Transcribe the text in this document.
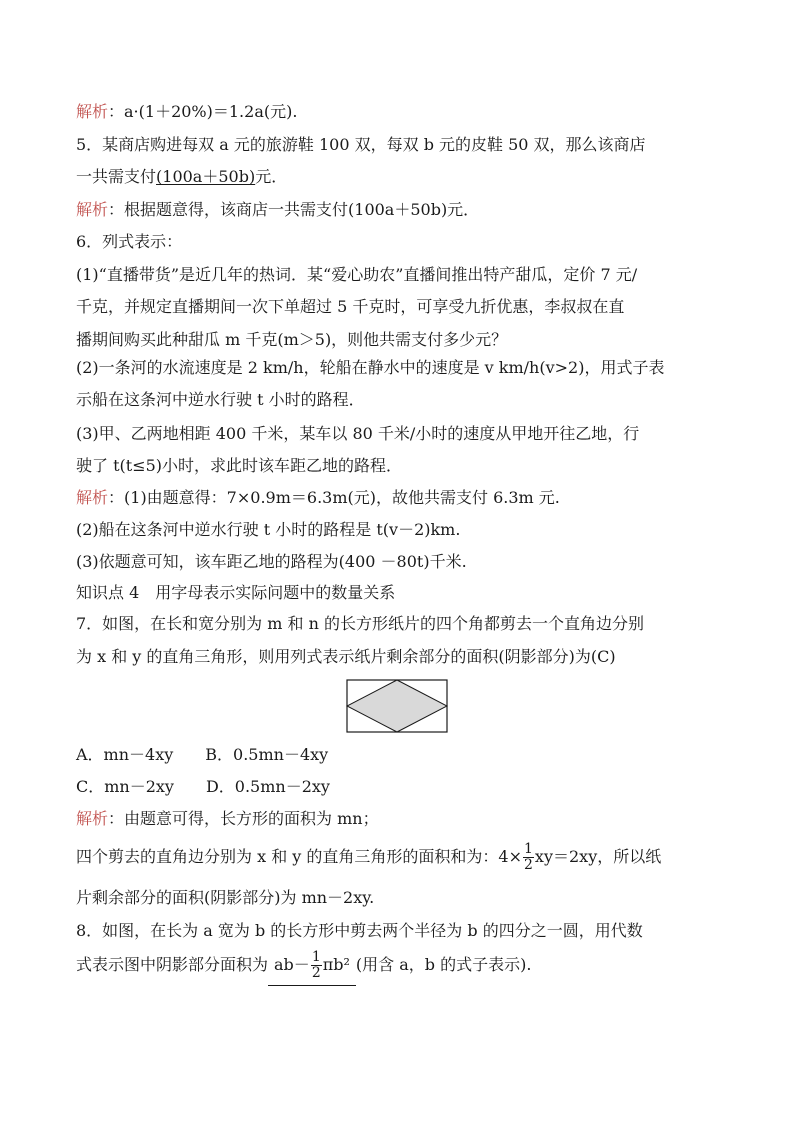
解析：a·(1＋20%)＝1.2a(元).
5．某商店购进每双 a 元的旅游鞋 100 双，每双 b 元的皮鞋 50 双，那么该商店
一共需支付(100a＋50b)元．
解析：根据题意得，该商店一共需支付(100a＋50b)元．
6．列式表示：
(1)“直播带货”是近几年的热词．某“爱心助农”直播间推出特产甜瓜，定价 7 元/
千克，并规定直播期间一次下单超过 5 千克时，可享受九折优惠，李叔叔在直
播期间购买此种甜瓜 m 千克(m＞5)，则他共需支付多少元？
(2)一条河的水流速度是 2 km/h，轮船在静水中的速度是 v km/h(v>2)，用式子表
示船在这条河中逆水行驶 t 小时的路程．
(3)甲、乙两地相距 400 千米，某车以 80 千米/小时的速度从甲地开往乙地，行
驶了 t(t≤5)小时，求此时该车距乙地的路程．
解析：(1)由题意得：7×0.9m＝6.3m(元)，故他共需支付 6.3m 元.
(2)船在这条河中逆水行驶 t 小时的路程是 t(v－2)km.
(3)依题意可知，该车距乙地的路程为(400 －80t)千米.
知识点 4　用字母表示实际问题中的数量关系
7．如图，在长和宽分别为 m 和 n 的长方形纸片的四个角都剪去一个直角边分别
为 x 和 y 的直角三角形，则用列式表示纸片剩余部分的面积(阴影部分)为(C)
A．mn－4xy　　B．0.5mn－4xy
C．mn－2xy　　D．0.5mn－2xy
解析：由题意可得，长方形的面积为 mn；
四个剪去的直角边分别为 x 和 y 的直角三角形的面积和为：$4\times \frac{1}{2} xy=2xy$，所以纸
片剩余部分的面积(阴影部分)为 mn－2xy.
8．如图，在长为 a 宽为 b 的长方形中剪去两个半径为 b 的四分之一圆，用代数
式表示图中阴影部分面积为 $ab- \frac{1}{2} \pi b^2$ (用含 a，b 的式子表示).
